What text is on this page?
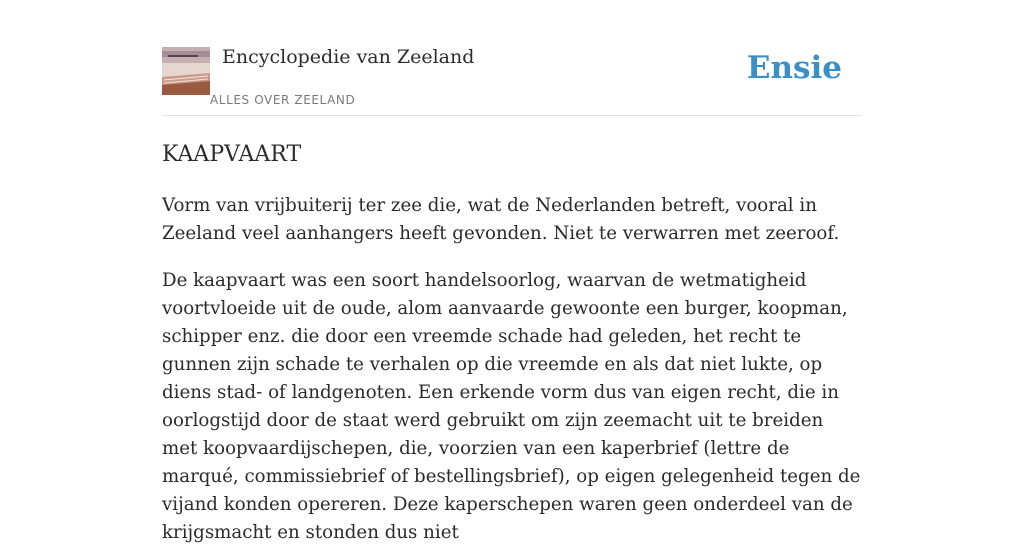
Encyclopedie van Zeeland
ALLES OVER ZEELAND
Ensie
KAAPVAART

Vorm van vrijbuiterij ter zee die, wat de Nederlanden betreft, vooral in Zeeland veel aanhangers heeft gevonden. Niet te verwarren met zeeroof.

De kaapvaart was een soort handelsoorlog, waarvan de wetmatigheid voortvloeide uit de oude, alom aanvaarde gewoonte een burger, koopman, schipper enz. die door een vreemde schade had geleden, het recht te gunnen zijn schade te verhalen op die vreemde en als dat niet lukte, op diens stad- of landgenoten. Een erkende vorm dus van eigen recht, die in oorlogstijd door de staat werd gebruikt om zijn zeemacht uit te breiden met koopvaardijschepen, die, voorzien van een kaperbrief (lettre de marqué, commissiebrief of bestellingsbrief), op eigen gelegenheid tegen de vijand konden opereren. Deze kaperschepen waren geen onderdeel van de krijgsmacht en stonden dus niet
